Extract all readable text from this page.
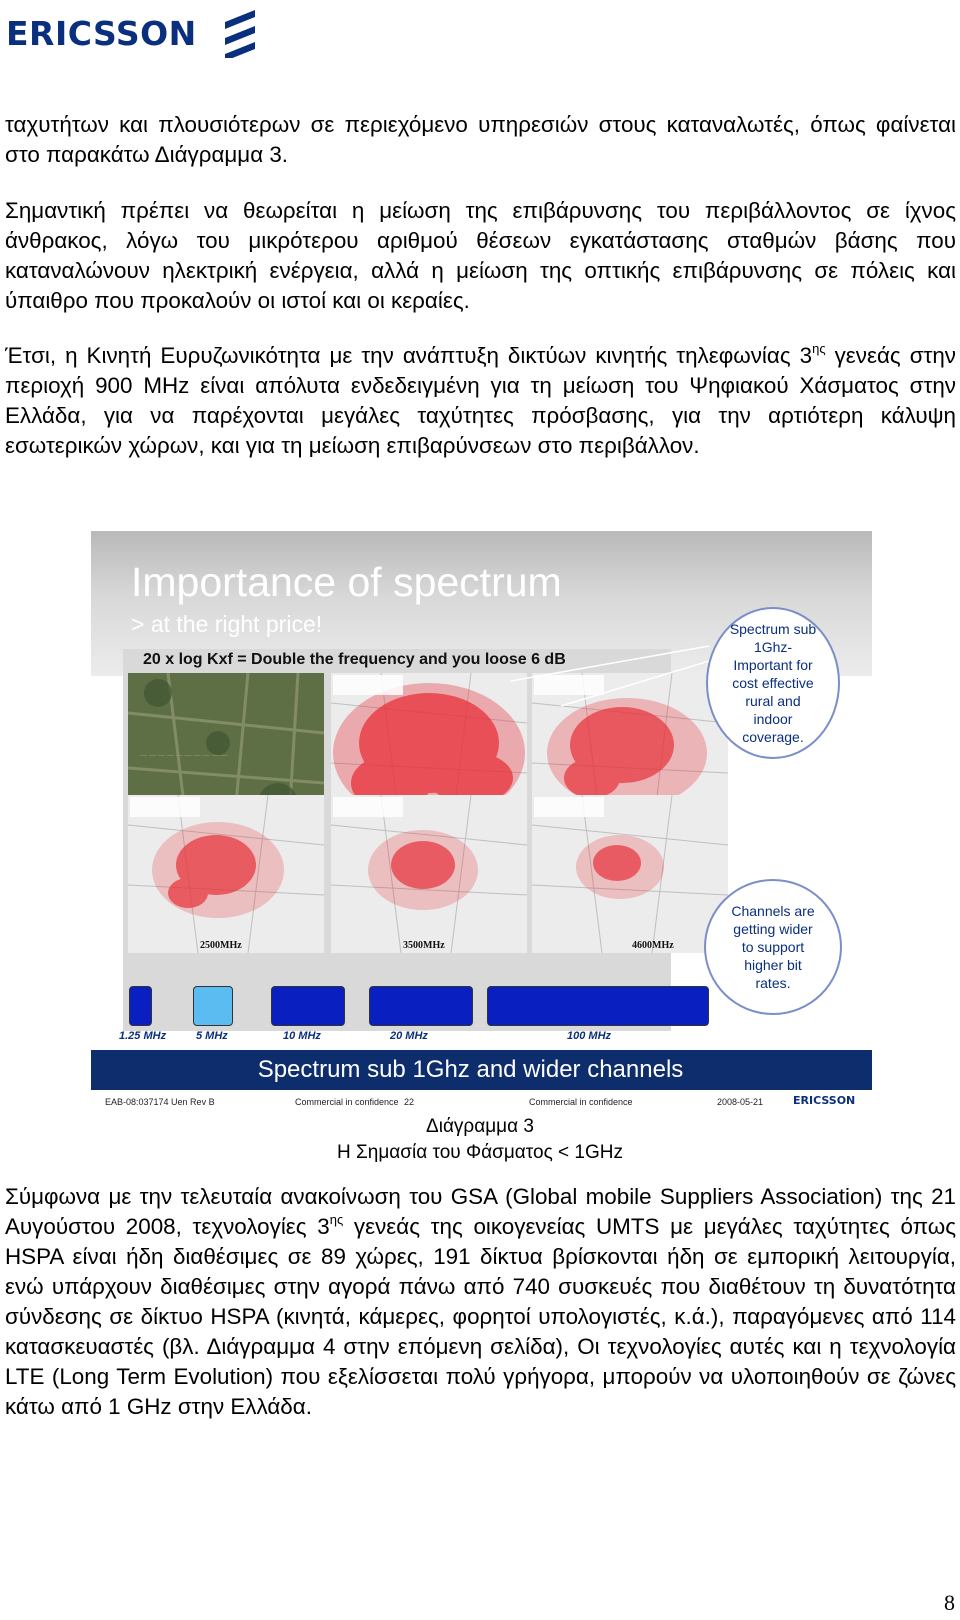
ERICSSON

ταχυτήτων και πλουσιότερων σε περιεχόμενο υπηρεσιών στους καταναλωτές, όπως φαίνεται στο παρακάτω Διάγραμμα 3.

Σημαντική πρέπει να θεωρείται η μείωση της επιβάρυνσης του περιβάλλοντος σε ίχνος άνθρακος, λόγω του μικρότερου αριθμού θέσεων εγκατάστασης σταθμών βάσης που καταναλώνουν ηλεκτρική ενέργεια, αλλά η μείωση της οπτικής επιβάρυνσης σε πόλεις και ύπαιθρο που προκαλούν οι ιστοί και οι κεραίες.

Έτσι, η Κινητή Ευρυζωνικότητα με την ανάπτυξη δικτύων κινητής τηλεφωνίας $3^{\eta\varsigma}$ γενεάς στην περιοχή 900 MHz είναι απόλυτα ενδεδειγμένη για τη μείωση του Ψηφιακού Χάσματος στην Ελλάδα, για να παρέχονται μεγάλες ταχύτητες πρόσβασης, για την αρτιότερη κάλυψη εσωτερικών χώρων, και για τη μείωση επιβαρύνσεων στο περιβάλλον.

Importance of spectrum
> at the right price!
20 x log Kxf = Double the frequency and you loose 6 dB
— — — — — — — — — —
2500MHz	3500MHz	4600MHz
Spectrum sub 1Ghz- Important for cost effective rural and indoor coverage.
Channels are getting wider to support higher bit rates.
1.25 MHz	5 MHz	10 MHz	20 MHz	100 MHz
Spectrum sub 1Ghz and wider channels
EAB-08:037174 Uen Rev B	Commercial in confidence 22	Commercial in confidence	2008-05-21	ERICSSON
Διάγραμμα 3
Η Σημασία του Φάσματος < 1GHz

Σύμφωνα με την τελευταία ανακοίνωση του GSA (Global mobile Suppliers Association) της 21 Αυγούστου 2008, τεχνολογίες $3^{\eta\varsigma}$ γενεάς της οικογενείας UMTS με μεγάλες ταχύτητες όπως HSPA είναι ήδη διαθέσιμες σε 89 χώρες, 191 δίκτυα βρίσκονται ήδη σε εμπορική λειτουργία, ενώ υπάρχουν διαθέσιμες στην αγορά πάνω από 740 συσκευές που διαθέτουν τη δυνατότητα σύνδεσης σε δίκτυο HSPA (κινητά, κάμερες, φορητοί υπολογιστές, κ.ά.), παραγόμενες από 114 κατασκευαστές (βλ. Διάγραμμα 4 στην επόμενη σελίδα), Οι τεχνολογίες αυτές και η τεχνολογία LTE (Long Term Evolution) που εξελίσσεται πολύ γρήγορα, μπορούν να υλοποιηθούν σε ζώνες κάτω από 1 GHz στην Ελλάδα.

8
